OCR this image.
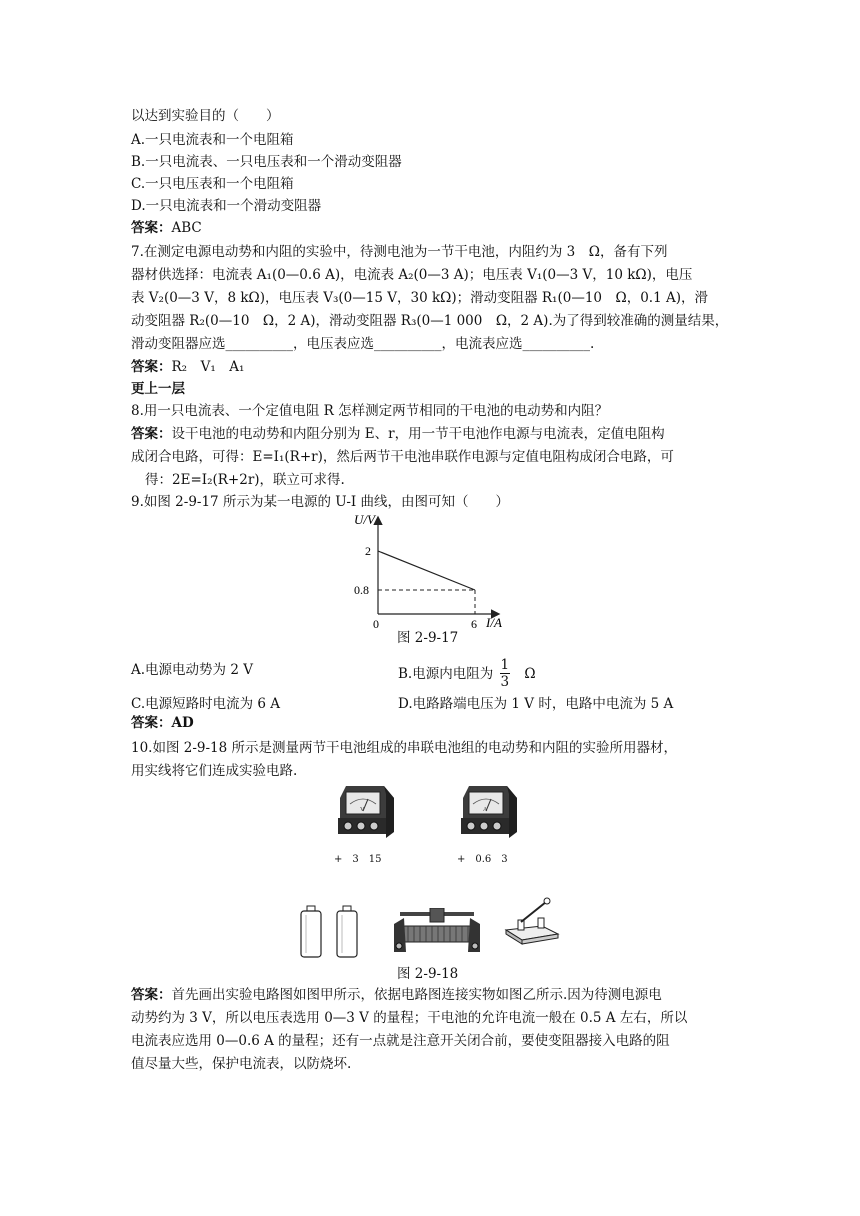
以达到实验目的（　　）
A.一只电流表和一个电阻箱
B.一只电流表、一只电压表和一个滑动变阻器
C.一只电压表和一个电阻箱
D.一只电流表和一个滑动变阻器
答案：ABC
7.在测定电源电动势和内阻的实验中，待测电池为一节干电池，内阻约为 3　Ω，备有下列
器材供选择：电流表 A₁(0—0.6 A)，电流表 A₂(0—3 A)；电压表 V₁(0—3 V，10 kΩ)，电压
表 V₂(0—3 V，8 kΩ)，电压表 V₃(0—15 V，30 kΩ)；滑动变阻器 R₁(0—10　Ω，0.1 A)，滑
动变阻器 R₂(0—10　Ω，2 A)，滑动变阻器 R₃(0—1 000　Ω，2 A).为了得到较准确的测量结果，
滑动变阻器应选__________，电压表应选__________，电流表应选__________.
答案：R₂　V₁　A₁
更上一层
8.用一只电流表、一个定值电阻 R 怎样测定两节相同的干电池的电动势和内阻？
答案：设干电池的电动势和内阻分别为 E、r，用一节干电池作电源与电流表，定值电阻构
成闭合电路，可得：E=I₁(R+r)，然后两节干电池串联作电源与定值电阻构成闭合电路，可
得：2E=I₂(R+2r)，联立可求得.
9.如图 2-9-17 所示为某一电源的 U-I 曲线，由图可知（　　）
U/V
I/A
0
2
0.8
6
图 2-9-17
A.电源电动势为 2 V	B.电源内电阻为 $\frac{1}{3}$ Ω
C.电源短路时电流为 6 A	D.电路路端电压为 1 V 时，电路中电流为 5 A
答案：AD
10.如图 2-9-18 所示是测量两节干电池组成的串联电池组的电动势和内阻的实验所用器材，
用实线将它们连成实验电路.
V
+　3　15
A
+　0.6　3
图 2-9-18
答案：首先画出实验电路图如图甲所示，依据电路图连接实物如图乙所示.因为待测电源电
动势约为 3 V，所以电压表选用 0—3 V 的量程；干电池的允许电流一般在 0.5 A 左右，所以
电流表应选用 0—0.6 A 的量程；还有一点就是注意开关闭合前，要使变阻器接入电路的阻
值尽量大些，保护电流表，以防烧坏.
